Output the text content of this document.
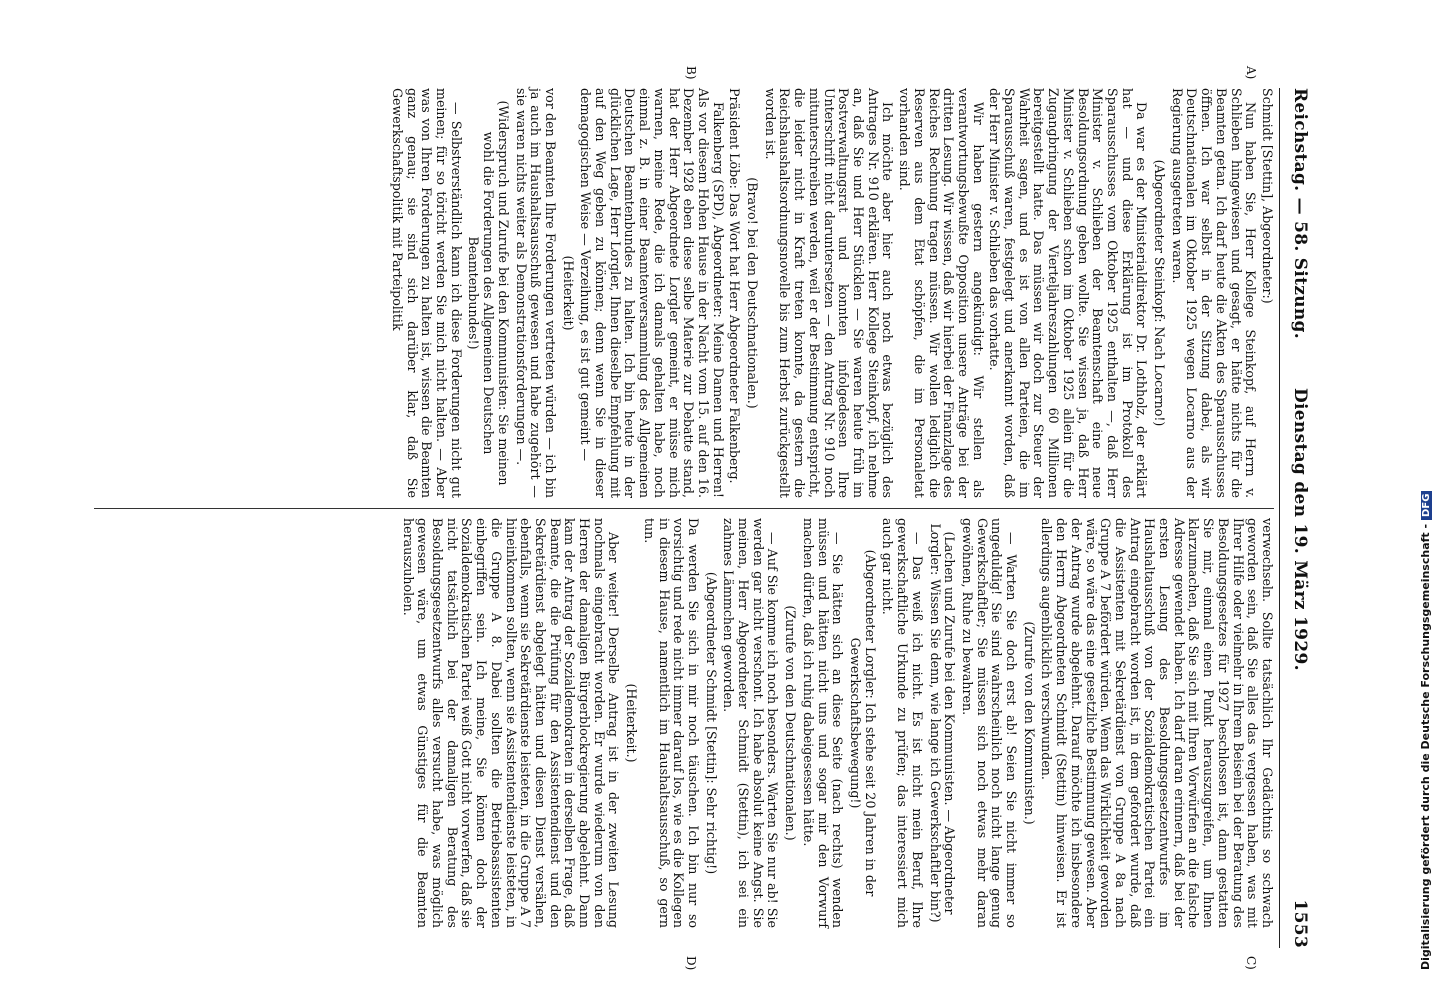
Reichstag. — 58. Sitzung.
Dienstag den 19. März 1929.
1553

Schmidt [Stettin], Abgeordneter:)

Nun haben Sie, Herr Kollege Steinkopf, auf Herrn v. Schlieben hingewiesen und gesagt, er hätte nichts für die Beamten getan. Ich darf heute die Akten des Sparausschusses öffnen. Ich war selbst in der Sitzung dabei, als wir Deutschnationalen im Oktober 1925 wegen Locarno aus der Regierung ausgetreten waren.

(Abgeordneter Steinkopf: Nach Locarno!)

Da war es der Ministerialdirektor Dr. Lothholz, der erklärt hat — und diese Erklärung ist im Protokoll des Sparausschusses vom Oktober 1925 enthalten —, daß Herr Minister v. Schlieben der Beamtenschaft eine neue Besoldungsordnung geben wollte. Sie wissen ja, daß Herr Minister v. Schlieben schon im Oktober 1925 allein für die Zugangbringung der Vierteljahreszahlungen 60 Millionen bereitgestellt hatte. Das müssen wir doch zur Steuer der Wahrheit sagen, und es ist von allen Parteien, die im Sparausschuß waren, festgelegt und anerkannt worden, daß der Herr Minister v. Schlieben das vorhatte.

Wir haben gestern angekündigt: Wir stellen als verantwortungsbewußte Opposition unsere Anträge bei der dritten Lesung. Wir wissen, daß wir hierbei der Finanzlage des Reiches Rechnung tragen müssen. Wir wollen lediglich die Reserven aus dem Etat schöpfen, die im Personaletat vorhanden sind.

Ich möchte aber hier auch noch etwas bezüglich des Antrages Nr. 910 erklären. Herr Kollege Steinkopf, ich nehme an, daß Sie und Herr Stücklen — Sie waren heute früh im Postverwaltungsrat und konnten infolgedessen Ihre Unterschrift nicht daruntersetzen — den Antrag Nr. 910 noch mitunterschreiben werden, weil er der Bestimmung entspricht, die leider nicht in Kraft treten konnte, da gestern die Reichshaushaltsordnungsnovelle bis zum Herbst zurückgestellt worden ist.

(Bravo! bei den Deutschnationalen.)

Präsident Löbe: Das Wort hat Herr Abgeordneter Falkenberg.

Falkenberg (SPD), Abgeordneter: Meine Damen und Herren! Als vor diesem Hohen Hause in der Nacht vom 15. auf den 16. Dezember 1928 eben diese selbe Materie zur Debatte stand, hat der Herr Abgeordnete Lorgler gemeint, er müsse mich warnen, meine Rede, die ich damals gehalten habe, noch einmal z. B. in einer Beamtenversammlung des Allgemeinen Deutschen Beamtenbundes zu halten. Ich bin heute in der glücklichen Lage, Herr Lorgler, Ihnen dieselbe Empfehlung mit auf den Weg geben zu können; denn wenn Sie in dieser demagogischen Weise — Verzeihung, es ist gut gemeint —

(Heiterkeit)

vor den Beamten Ihre Forderungen vertreten würden — ich bin ja auch im Haushaltsausschuß gewesen und habe zugehört — sie waren nichts weiter als Demonstrationsforderungen —.

(Widerspruch und Zurufe bei den Kommunisten: Sie meinen wohl die Forderungen des Allgemeinen Deutschen Beamtenbundes!)

— Selbstverständlich kann ich diese Forderungen nicht gut meinen; für so töricht werden Sie mich nicht halten. — Aber was von Ihren Forderungen zu halten ist, wissen die Beamten ganz genau; sie sind sich darüber klar, daß Sie Gewerkschaftspolitik mit Parteipolitik

verwechseln. Sollte tatsächlich Ihr Gedächtnis so schwach geworden sein, daß Sie alles das vergessen haben, was mit Ihrer Hilfe oder vielmehr in Ihrem Beisein bei der Beratung des Besoldungsgesetzes für 1927 beschlossen ist, dann gestatten Sie mir, einmal einen Punkt herauszugreifen, um Ihnen klarzumachen, daß Sie sich mit Ihren Vorwürfen an die falsche Adresse gewendet haben. Ich darf daran erinnern, daß bei der ersten Lesung des Besoldungsgesetzentwurfes im Haushaltausschuß von der Sozialdemokratischen Partei ein Antrag eingebracht worden ist, in dem gefordert wurde, daß die Assistenten mit Sekretärdienst von Gruppe A 8a nach Gruppe A 7 befördert würden. Wenn das Wirklichkeit geworden wäre, so wäre das eine gesetzliche Bestimmung gewesen. Aber der Antrag wurde abgelehnt. Darauf möchte ich insbesondere den Herrn Abgeordneten Schmidt (Stettin) hinweisen. Er ist allerdings augenblicklich verschwunden.

(Zurufe von den Kommunisten.)

— Warten Sie doch erst ab! Seien Sie nicht immer so ungeduldig! Sie sind wahrscheinlich noch nicht lange genug Gewerkschaftler; Sie müssen sich noch etwas mehr daran gewöhnen, Ruhe zu bewahren.

(Lachen und Zurufe bei den Kommunisten. — Abgeordneter Lorgler: Wissen Sie denn, wie lange ich Gewerkschaftler bin?)

— Das weiß ich nicht. Es ist nicht mein Beruf, Ihre gewerkschaftliche Urkunde zu prüfen; das interessiert mich auch gar nicht.

(Abgeordneter Lorgler: Ich stehe seit 20 Jahren in der Gewerkschaftsbewegung!)

— Sie hätten sich an diese Seite (nach rechts) wenden müssen und hätten nicht uns und sogar mir den Vorwurf machen dürfen, daß ich ruhig dabeigesessen hätte.

(Zurufe von den Deutschnationalen.)

— Auf Sie komme ich noch besonders. Warten Sie nur ab! Sie werden gar nicht verschont. Ich habe absolut keine Angst. Sie meinen, Herr Abgeordneter Schmidt (Stettin), ich sei ein zahmes Lämmchen geworden.

(Abgeordneter Schmidt [Stettin]: Sehr richtig!)

Da werden Sie sich in mir noch täuschen. Ich bin nur so vorsichtig und rede nicht immer darauf los, wie es die Kollegen in diesem Hause, namentlich im Haushaltsausschuß, so gern tun.

(Heiterkeit.)

Aber weiter! Derselbe Antrag ist in der zweiten Lesung nochmals eingebracht worden. Er wurde wiederum von den Herren der damaligen Bürgerblockregierung abgelehnt. Dann kam der Antrag der Sozialdemokraten in derselben Frage, daß Beamte, die die Prüfung für den Assistentendienst und den Sekretärdienst abgelegt hätten und diesen Dienst versähen, ebenfalls, wenn sie Sekretärdienste leisteten, in die Gruppe A 7 hineinkommen sollten, wenn sie Assistentendienste leisteten, in die Gruppe A 8. Dabei sollten die Betriebsassistenten einbegriffen sein. Ich meine, Sie können doch der Sozialdemokratischen Partei weiß Gott nicht vorwerfen, daß sie nicht tatsächlich bei der damaligen Beratung des Besoldungsgesetzentwurfs alles versucht habe, was möglich gewesen wäre, um etwas Günstiges für die Beamten herauszuholen.

A)
B)
C)
D)	Digitalisierung gefördert durch die Deutsche Forschungsgemeinschaft -DFG
